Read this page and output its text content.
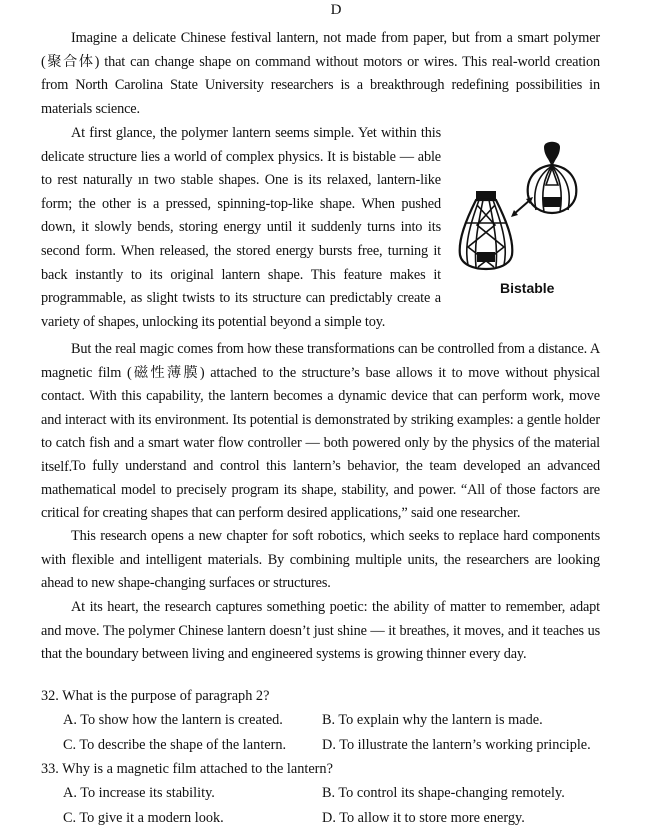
D

Imagine a delicate Chinese festival lantern, not made from paper, but from a smart polymer (聚合体) that can change shape on command without motors or wires. This real-world creation from North Carolina State University researchers is a breakthrough redefining possibilities in materials science.

At first glance, the polymer lantern seems simple. Yet within this delicate structure lies a world of complex physics. It is bistable — able to rest naturally ın two stable shapes. One is its relaxed, lantern-like form; the other is a pressed, spinning-top-like shape. When pushed down, it slowly bends, storing energy until it suddenly turns into its second form. When released, the stored energy bursts free, turning it back instantly to its original lantern shape. This feature makes it programmable, as slight twists to its structure can predictably create a variety of shapes, unlocking its potential beyond a simple toy.

Bistable

But the real magic comes from how these transformations can be controlled from a distance. A magnetic film (磁性薄膜) attached to the structure’s base allows it to move without physical contact. With this capability, the lantern becomes a dynamic device that can perform work, move and interact with its environment. Its potential is demonstrated by striking examples: a gentle holder to catch fish and a smart water flow controller — both powered only by the physics of the material itself.

To fully understand and control this lantern’s behavior, the team developed an advanced mathematical model to precisely program its shape, stability, and power. “All of those factors are critical for creating shapes that can perform desired applications,” said one researcher.

This research opens a new chapter for soft robotics, which seeks to replace hard components with flexible and intelligent materials. By combining multiple units, the researchers are looking ahead to new shape-changing surfaces or structures.

At its heart, the research captures something poetic: the ability of matter to remember, adapt and move. The polymer Chinese lantern doesn’t just shine — it breathes, it moves, and it teaches us that the boundary between living and engineered systems is growing thinner every day.

32. What is the purpose of paragraph 2?
A. To show how the lantern is created.	B. To explain why the lantern is made.
C. To describe the shape of the lantern.	D. To illustrate the lantern’s working principle.
33. Why is a magnetic film attached to the lantern?
A. To increase its stability.	B. To control its shape-changing remotely.
C. To give it a modern look.	D. To allow it to store more energy.
